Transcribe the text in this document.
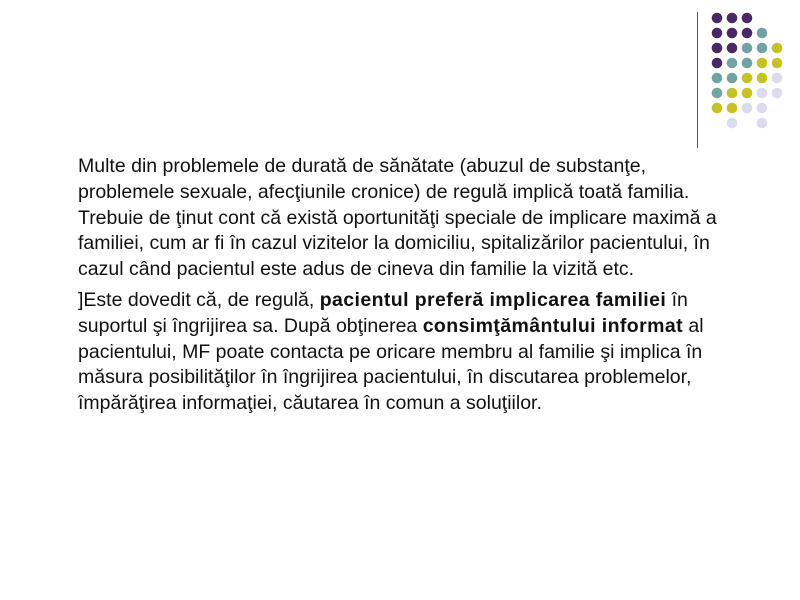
Multe din problemele de durată de sănătate (abuzul de substanţe, problemele sexuale, afecţiunile cronice) de regulă implică toată familia. Trebuie de ţinut cont că există oportunităţi speciale de implicare maximă a familiei, cum ar fi în cazul vizitelor la domiciliu, spitalizărilor pacientului, în cazul când pacientul este adus de cineva din familie la vizită etc.

]Este dovedit că, de regulă, pacientul preferă implicarea familiei în suportul şi îngrijirea sa. După obţinerea consimţământului informat al pacientului, MF poate contacta pe oricare membru al familie şi implica în măsura posibilităţilor în îngrijirea pacientului, în discutarea problemelor, împărăţirea informaţiei, căutarea în comun a soluţiilor.
